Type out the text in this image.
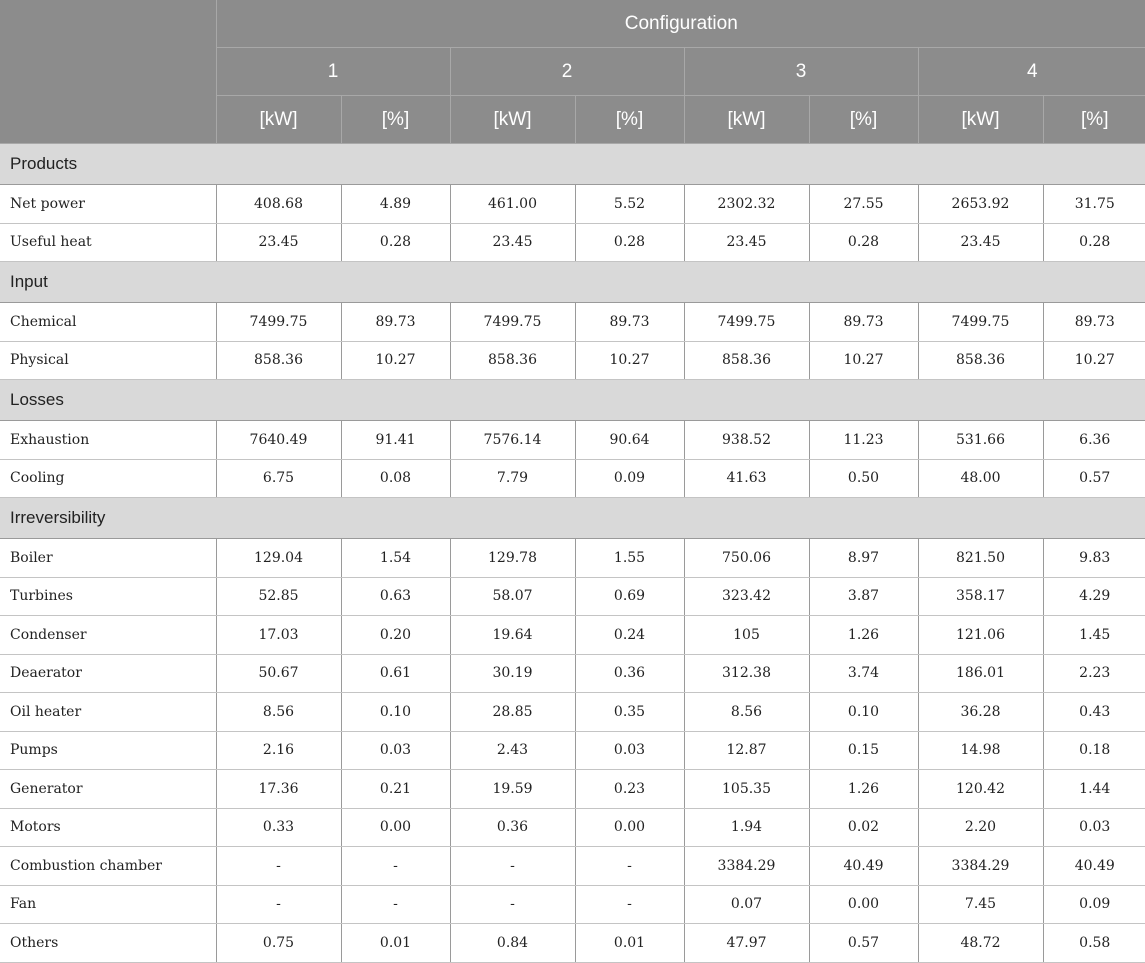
	Configuration							
	1		2		3		4	
	[kW]	[%]	[kW]	[%]	[kW]	[%]	[kW]	[%]
Products								
Net power	408.68	4.89	461.00	5.52	2302.32	27.55	2653.92	31.75
Useful heat	23.45	0.28	23.45	0.28	23.45	0.28	23.45	0.28
Input								
Chemical	7499.75	89.73	7499.75	89.73	7499.75	89.73	7499.75	89.73
Physical	858.36	10.27	858.36	10.27	858.36	10.27	858.36	10.27
Losses								
Exhaustion	7640.49	91.41	7576.14	90.64	938.52	11.23	531.66	6.36
Cooling	6.75	0.08	7.79	0.09	41.63	0.50	48.00	0.57
Irreversibility								
Boiler	129.04	1.54	129.78	1.55	750.06	8.97	821.50	9.83
Turbines	52.85	0.63	58.07	0.69	323.42	3.87	358.17	4.29
Condenser	17.03	0.20	19.64	0.24	105	1.26	121.06	1.45
Deaerator	50.67	0.61	30.19	0.36	312.38	3.74	186.01	2.23
Oil heater	8.56	0.10	28.85	0.35	8.56	0.10	36.28	0.43
Pumps	2.16	0.03	2.43	0.03	12.87	0.15	14.98	0.18
Generator	17.36	0.21	19.59	0.23	105.35	1.26	120.42	1.44
Motors	0.33	0.00	0.36	0.00	1.94	0.02	2.20	0.03
Combustion chamber	-	-	-	-	3384.29	40.49	3384.29	40.49
Fan	-	-	-	-	0.07	0.00	7.45	0.09
Others	0.75	0.01	0.84	0.01	47.97	0.57	48.72	0.58
